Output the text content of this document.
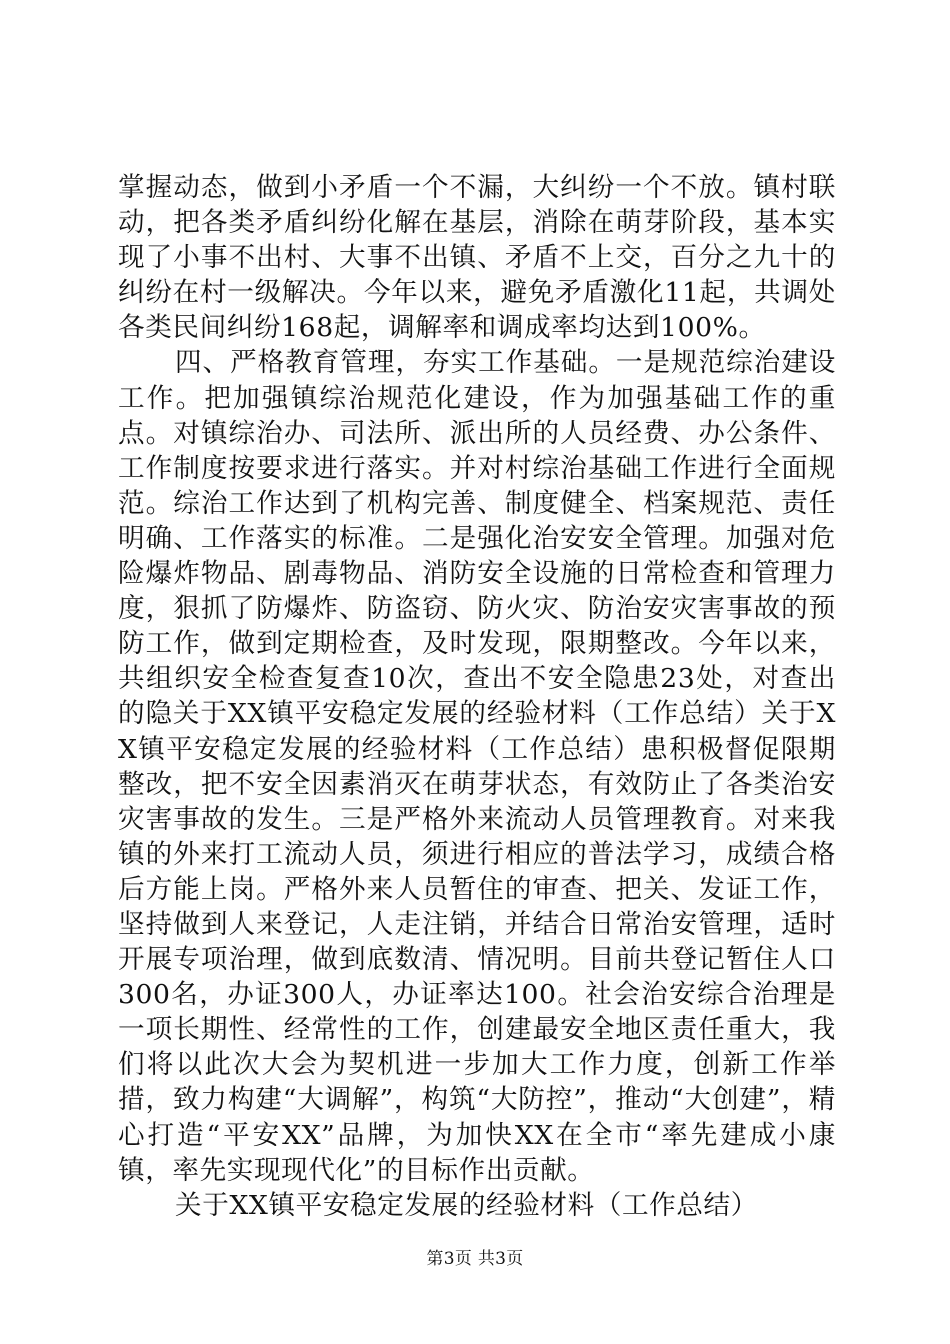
掌握动态，做到小矛盾一个不漏，大纠纷一个不放。镇村联动，把各类矛盾纠纷化解在基层，消除在萌芽阶段，基本实现了小事不出村、大事不出镇、矛盾不上交，百分之九十的纠纷在村一级解决。今年以来，避免矛盾激化11起，共调处各类民间纠纷168起，调解率和调成率均达到100%。

四、严格教育管理，夯实工作基础。一是规范综治建设工作。把加强镇综治规范化建设，作为加强基础工作的重点。对镇综治办、司法所、派出所的人员经费、办公条件、工作制度按要求进行落实。并对村综治基础工作进行全面规范。综治工作达到了机构完善、制度健全、档案规范、责任明确、工作落实的标准。二是强化治安安全管理。加强对危险爆炸物品、剧毒物品、消防安全设施的日常检查和管理力度，狠抓了防爆炸、防盗窃、防火灾、防治安灾害事故的预防工作，做到定期检查，及时发现，限期整改。今年以来，共组织安全检查复查10次，查出不安全隐患23处，对查出的隐关于XX镇平安稳定发展的经验材料（工作总结）关于XX镇平安稳定发展的经验材料（工作总结）患积极督促限期整改，把不安全因素消灭在萌芽状态，有效防止了各类治安灾害事故的发生。三是严格外来流动人员管理教育。对来我镇的外来打工流动人员，须进行相应的普法学习，成绩合格后方能上岗。严格外来人员暂住的审查、把关、发证工作，坚持做到人来登记，人走注销，并结合日常治安管理，适时开展专项治理，做到底数清、情况明。目前共登记暂住人口300名，办证300人，办证率达100。社会治安综合治理是一项长期性、经常性的工作，创建最安全地区责任重大，我们将以此次大会为契机进一步加大工作力度，创新工作举措，致力构建“大调解”，构筑“大防控”，推动“大创建”，精心打造“平安XX”品牌，为加快XX在全市“率先建成小康镇，率先实现现代化”的目标作出贡献。

关于XX镇平安稳定发展的经验材料（工作总结）

第3页 共3页
